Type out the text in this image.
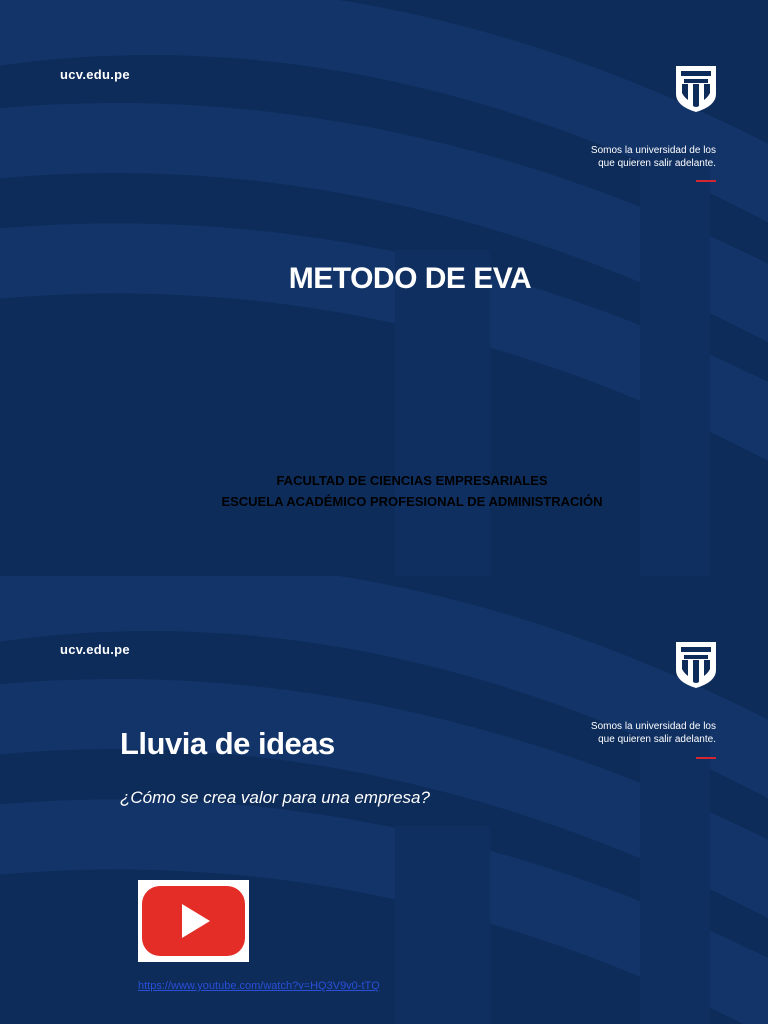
ucv.edu.pe
Somos la universidad de los
que quieren salir adelante.
METODO DE EVA
FACULTAD DE CIENCIAS EMPRESARIALES
ESCUELA ACADÉMICO PROFESIONAL DE ADMINISTRACIÓN
ucv.edu.pe
Somos la universidad de los
que quieren salir adelante.
Lluvia de ideas
¿Cómo se crea valor para una empresa?
https://www.youtube.com/watch?v=HQ3V9v0-tTQ
